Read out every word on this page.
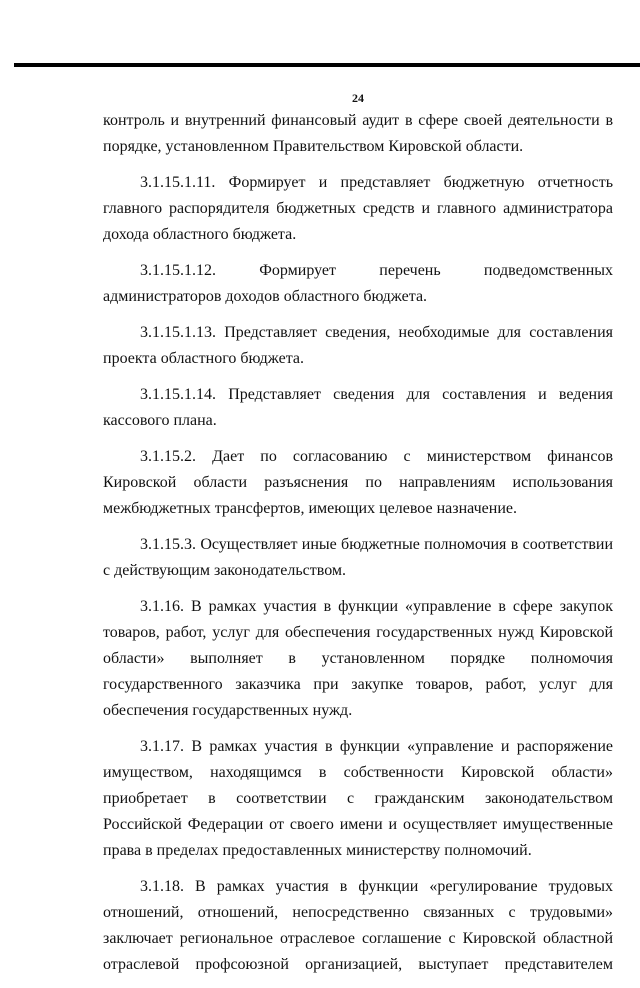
24

контроль и внутренний финансовый аудит в сфере своей деятельности в порядке, установленном Правительством Кировской области.

3.1.15.1.11. Формирует и представляет бюджетную отчетность главного распорядителя бюджетных средств и главного администратора дохода областного бюджета.

3.1.15.1.12. Формирует перечень подведомственных администраторов доходов областного бюджета.

3.1.15.1.13. Представляет сведения, необходимые для составления проекта областного бюджета.

3.1.15.1.14. Представляет сведения для составления и ведения кассового плана.

3.1.15.2. Дает по согласованию с министерством финансов Кировской области разъяснения по направлениям использования межбюджетных трансфертов, имеющих целевое назначение.

3.1.15.3. Осуществляет иные бюджетные полномочия в соответствии с действующим законодательством.

3.1.16. В рамках участия в функции «управление в сфере закупок товаров, работ, услуг для обеспечения государственных нужд Кировской области» выполняет в установленном порядке полномочия государственного заказчика при закупке товаров, работ, услуг для обеспечения государственных нужд.

3.1.17. В рамках участия в функции «управление и распоряжение имуществом, находящимся в собственности Кировской области» приобретает в соответствии с гражданским законодательством Российской Федерации от своего имени и осуществляет имущественные права в пределах предоставленных министерству полномочий.

3.1.18. В рамках участия в функции «регулирование трудовых отношений, отношений, непосредственно связанных с трудовыми» заключает региональное отраслевое соглашение с Кировской областной отраслевой профсоюзной организацией, выступает представителем
